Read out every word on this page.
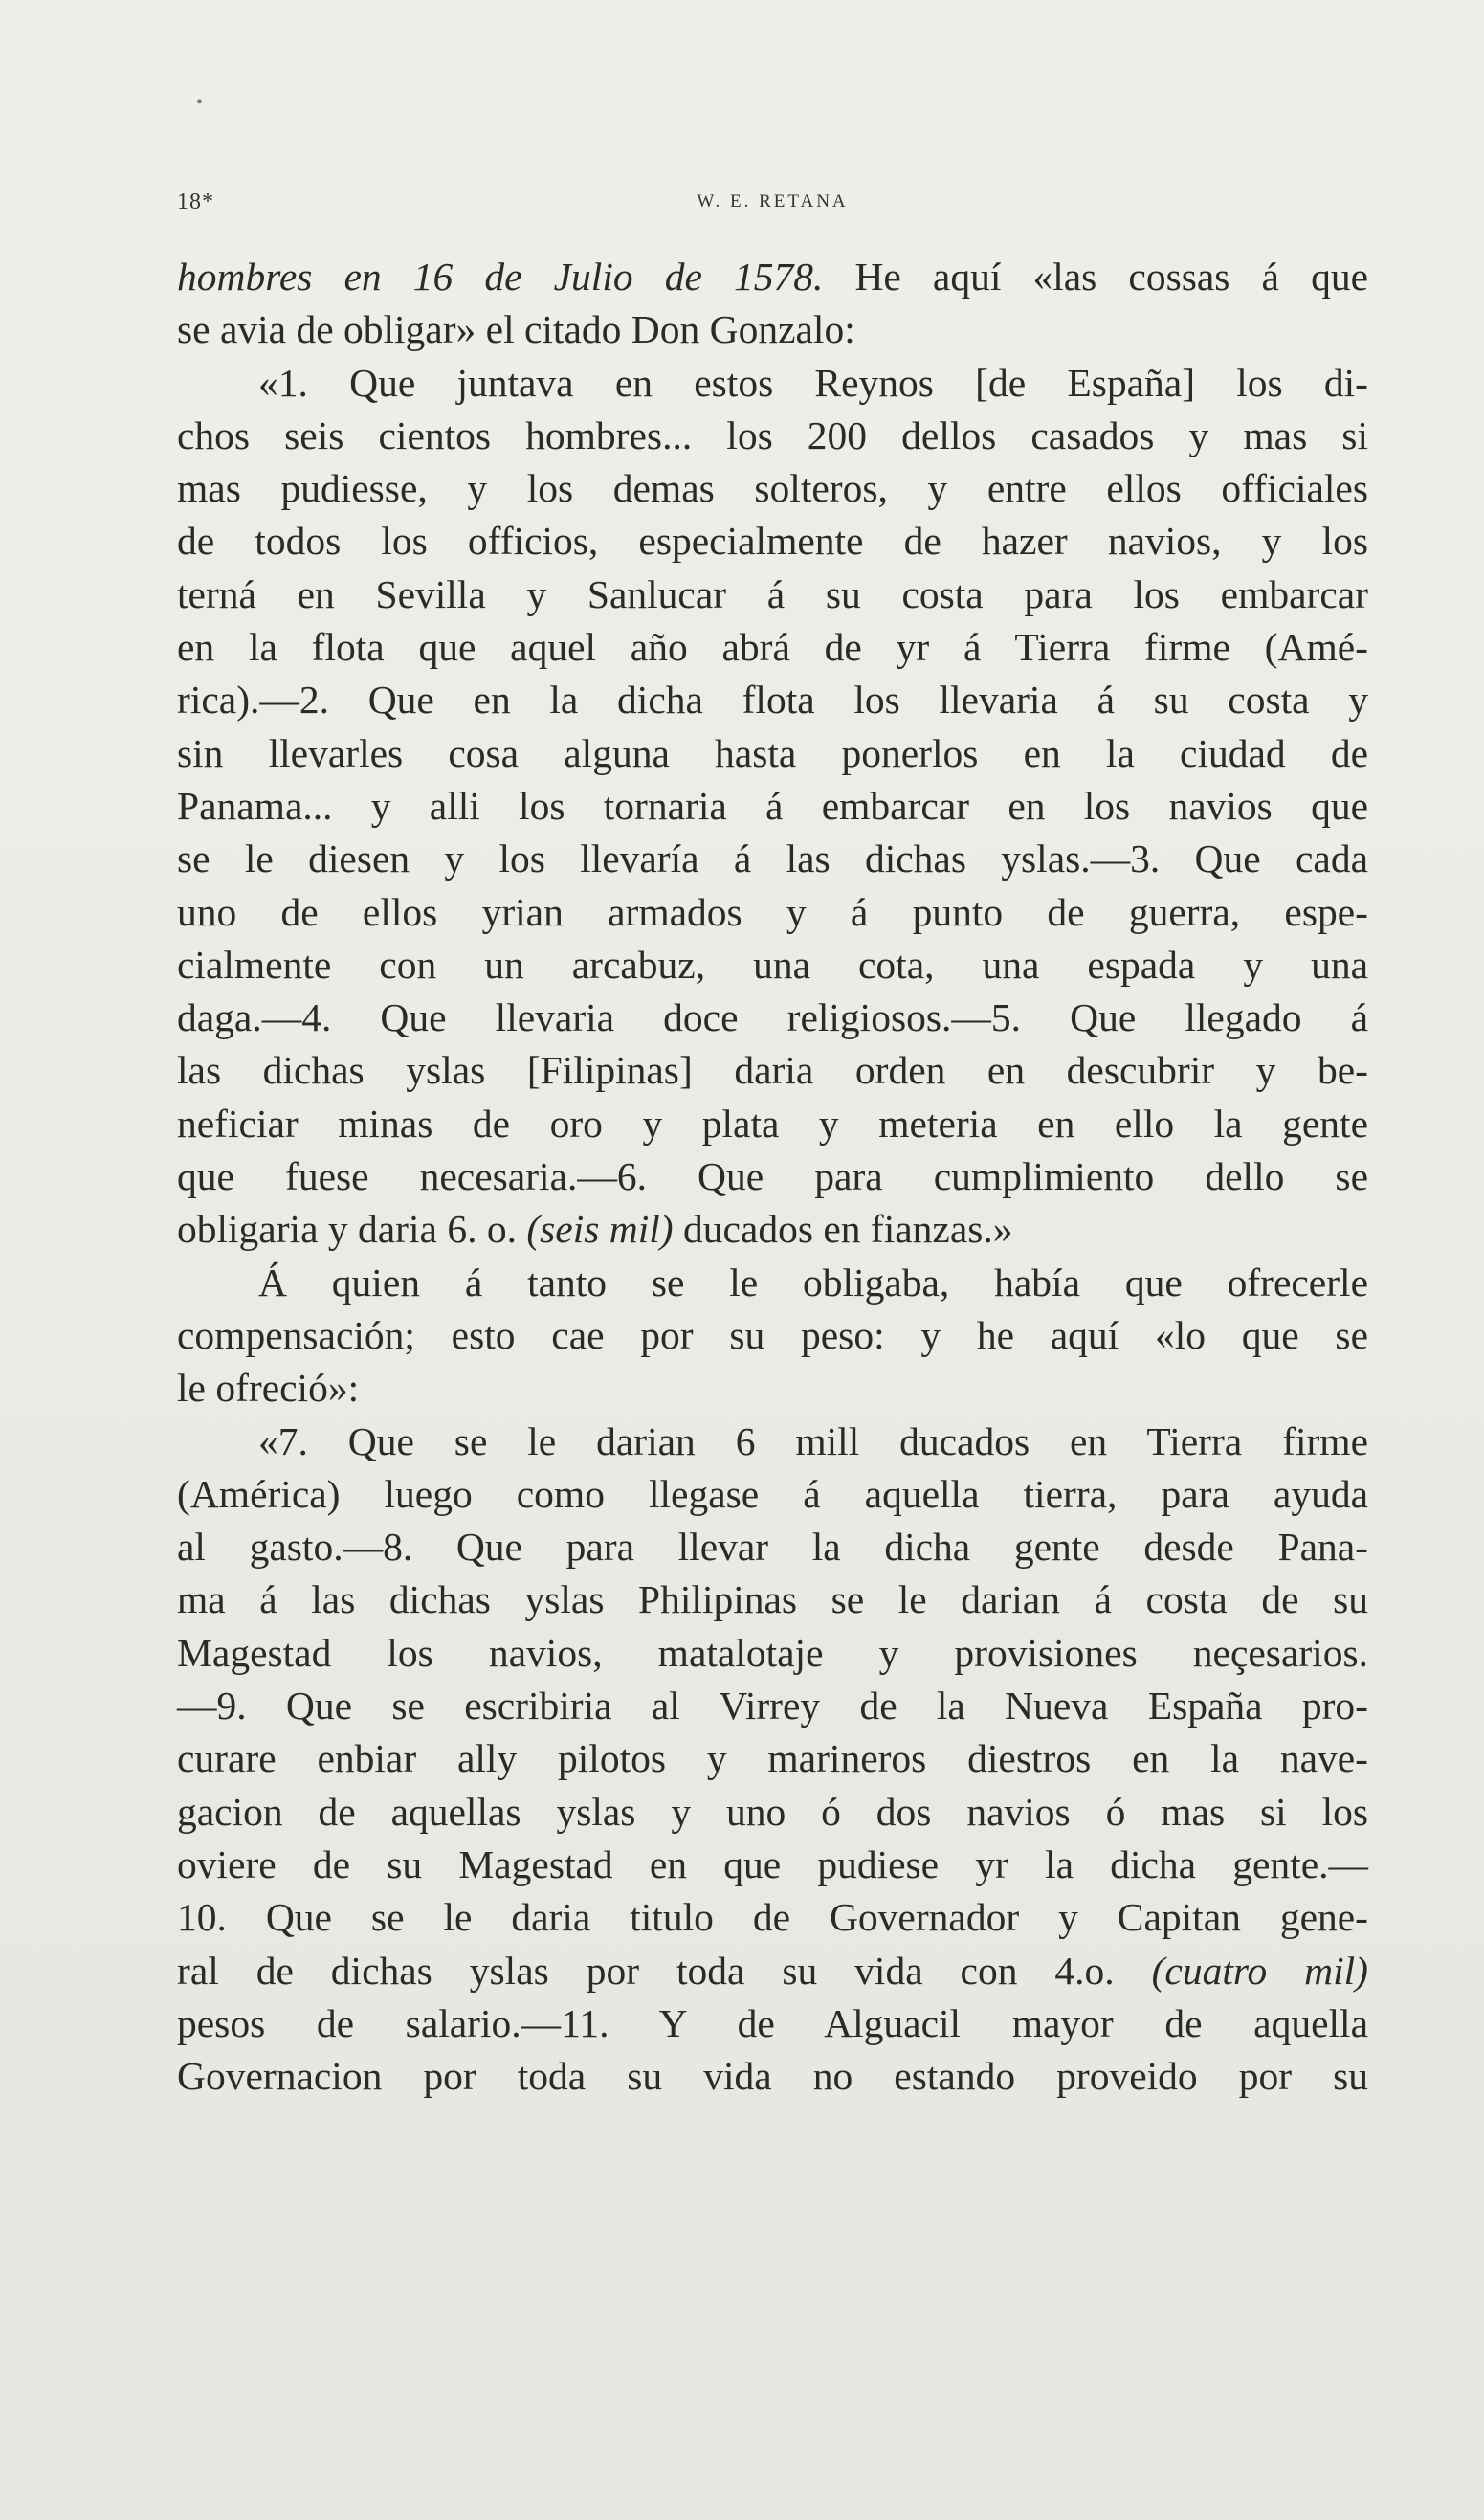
•
18*	W. E. RETANA
hombres en 16 de Julio de 1578. He aquí «las cossas á que
se avia de obligar» el citado Don Gonzalo:
«1. Que juntava en estos Reynos [de España] los di-
chos seis cientos hombres... los 200 dellos casados y mas si
mas pudiesse, y los demas solteros, y entre ellos officiales
de todos los officios, especialmente de hazer navios, y los
terná en Sevilla y Sanlucar á su costa para los embarcar
en la flota que aquel año abrá de yr á Tierra firme (Amé-
rica).—2. Que en la dicha flota los llevaria á su costa y
sin llevarles cosa alguna hasta ponerlos en la ciudad de
Panama... y alli los tornaria á embarcar en los navios que
se le diesen y los llevaría á las dichas yslas.—3. Que cada
uno de ellos yrian armados y á punto de guerra, espe-
cialmente con un arcabuz, una cota, una espada y una
daga.—4. Que llevaria doce religiosos.—5. Que llegado á
las dichas yslas [Filipinas] daria orden en descubrir y be-
neficiar minas de oro y plata y meteria en ello la gente
que fuese necesaria.—6. Que para cumplimiento dello se
obligaria y daria 6. o. (seis mil) ducados en fianzas.»
Á quien á tanto se le obligaba, había que ofrecerle
compensación; esto cae por su peso: y he aquí «lo que se
le ofreció»:
«7. Que se le darian 6 mill ducados en Tierra firme
(América) luego como llegase á aquella tierra, para ayuda
al gasto.—8. Que para llevar la dicha gente desde Pana-
ma á las dichas yslas Philipinas se le darian á costa de su
Magestad los navios, matalotaje y provisiones neçesarios.
—9. Que se escribiria al Virrey de la Nueva España pro-
curare enbiar ally pilotos y marineros diestros en la nave-
gacion de aquellas yslas y uno ó dos navios ó mas si los
oviere de su Magestad en que pudiese yr la dicha gente.—
10. Que se le daria titulo de Governador y Capitan gene-
ral de dichas yslas por toda su vida con 4.o. (cuatro mil)
pesos de salario.—11. Y de Alguacil mayor de aquella
Governacion por toda su vida no estando proveido por su
